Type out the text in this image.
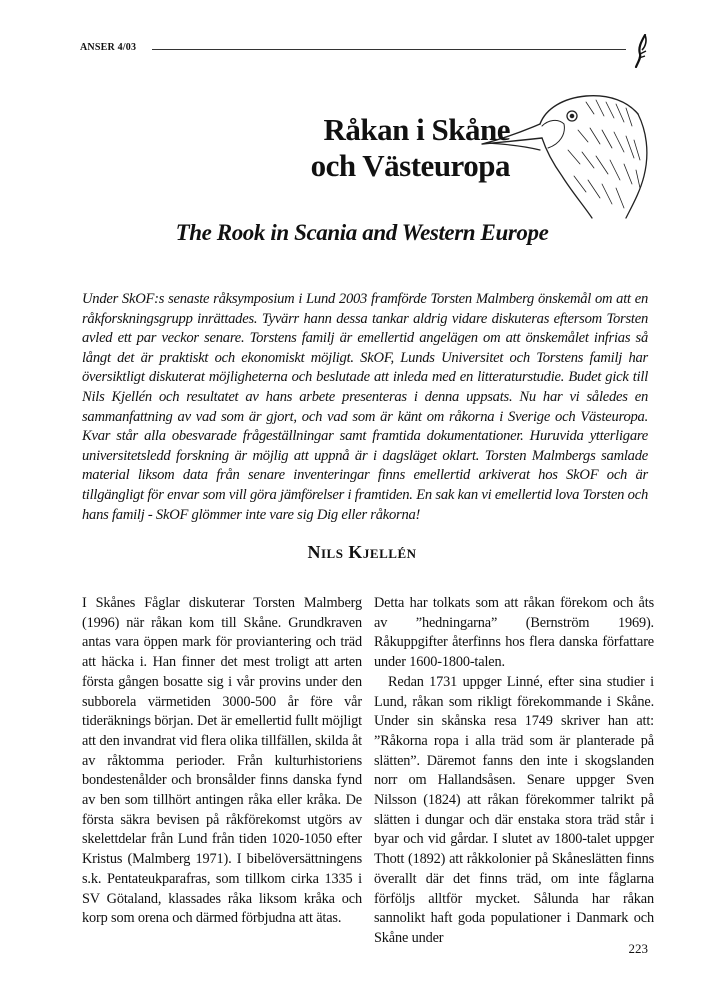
ANSER 4/03
Råkan i Skåne
och Västeuropa
The Rook in Scania and Western Europe
Under SkOF:s senaste råksymposium i Lund 2003 framförde Torsten Malmberg önskemål om att en råkforskningsgrupp inrättades. Tyvärr hann dessa tankar aldrig vidare diskuteras eftersom Torsten avled ett par veckor senare. Torstens familj är emellertid angelägen om att önskemålet infrias så långt det är praktiskt och ekonomiskt möjligt. SkOF, Lunds Universitet och Torstens familj har översiktligt diskuterat möjligheterna och beslutade att inleda med en litteraturstudie. Budet gick till Nils Kjellén och resultatet av hans arbete presenteras i denna uppsats. Nu har vi således en sammanfattning av vad som är gjort, och vad som är känt om råkorna i Sverige och Västeuropa. Kvar står alla obesvarade frågeställningar samt framtida dokumentationer. Huruvida ytterligare universitetsledd forskning är möjlig att uppnå är i dagsläget oklart. Torsten Malmbergs samlade material liksom data från senare inventeringar finns emellertid arkiverat hos SkOF och är tillgängligt för envar som vill göra jämförelser i framtiden. En sak kan vi emellertid lova Torsten och hans familj - SkOF glömmer inte vare sig Dig eller råkorna!
Nils Kjellén

I Skånes Fåglar diskuterar Torsten Malmberg (1996) när råkan kom till Skåne. Grundkraven antas vara öppen mark för proviantering och träd att häcka i. Han finner det mest troligt att arten första gången bosatte sig i vår provins under den subborela värmetiden 3000-500 år före vår tideräknings början. Det är emellertid fullt möjligt att den invandrat vid flera olika tillfällen, skilda åt av råktomma perioder. Från kulturhistoriens bondestenålder och bronsålder finns danska fynd av ben som tillhört antingen råka eller kråka. De första säkra bevisen på råkförekomst utgörs av skelettdelar från Lund från tiden 1020-1050 efter Kristus (Malmberg 1971). I bibelöversättningens s.k. Pentateukparafras, som tillkom cirka 1335 i SV Götaland, klassades råka liksom kråka och korp som orena och därmed förbjudna att ätas.

Detta har tolkats som att råkan förekom och åts av ”hedningarna” (Bernström 1969). Råkuppgifter återfinns hos flera danska författare under 1600-1800-talen.

Redan 1731 uppger Linné, efter sina studier i Lund, råkan som rikligt förekommande i Skåne. Under sin skånska resa 1749 skriver han att: ”Råkorna ropa i alla träd som är planterade på slätten”. Däremot fanns den inte i skogslanden norr om Hallandsåsen. Senare uppger Sven Nilsson (1824) att råkan förekommer talrikt på slätten i dungar och där enstaka stora träd står i byar och vid gårdar. I slutet av 1800-talet uppger Thott (1892) att råkkolonier på Skåneslätten finns överallt där det finns träd, om inte fåglarna förföljs alltför mycket. Sålunda har råkan sannolikt haft goda populationer i Danmark och Skåne under

223
